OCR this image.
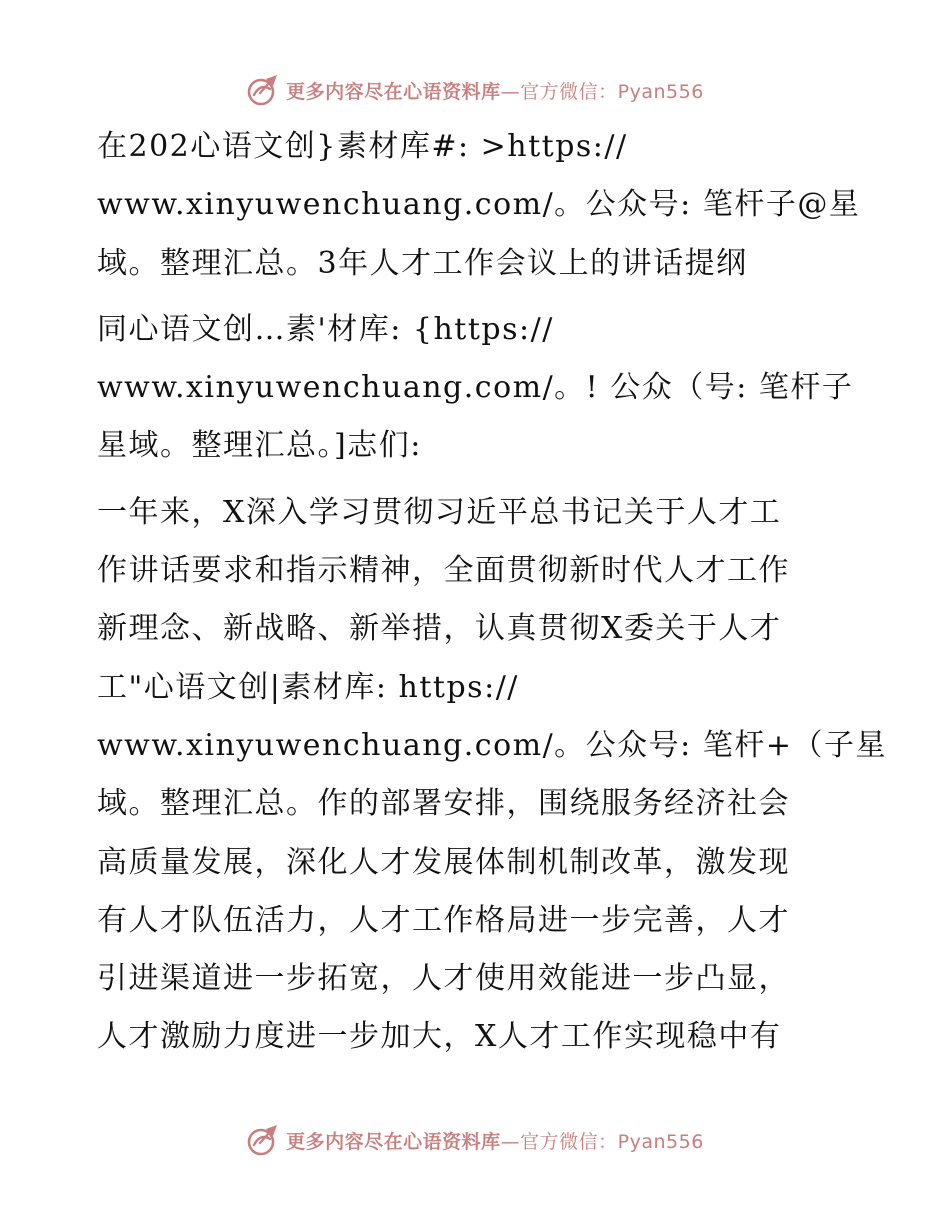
更多内容尽在心语资料库—官方微信：Pyan556

在202心语文创}素材库#: >https://

www.xinyuwenchuang.com/。公众号: 笔杆子@星

域。整理汇总。3年人才工作会议上的讲话提纲

同心语文创…素'材库: {https://

www.xinyuwenchuang.com/。! 公众（号: 笔杆子

星域。整理汇总。]志们:

一年来，X深入学习贯彻习近平总书记关于人才工

作讲话要求和指示精神，全面贯彻新时代人才工作

新理念、新战略、新举措，认真贯彻X委关于人才

工"心语文创|素材库: https://

www.xinyuwenchuang.com/。公众号: 笔杆+（子星

域。整理汇总。作的部署安排，围绕服务经济社会

高质量发展，深化人才发展体制机制改革，激发现

有人才队伍活力，人才工作格局进一步完善，人才

引进渠道进一步拓宽，人才使用效能进一步凸显，

人才激励力度进一步加大，X人才工作实现稳中有

更多内容尽在心语资料库—官方微信：Pyan556
